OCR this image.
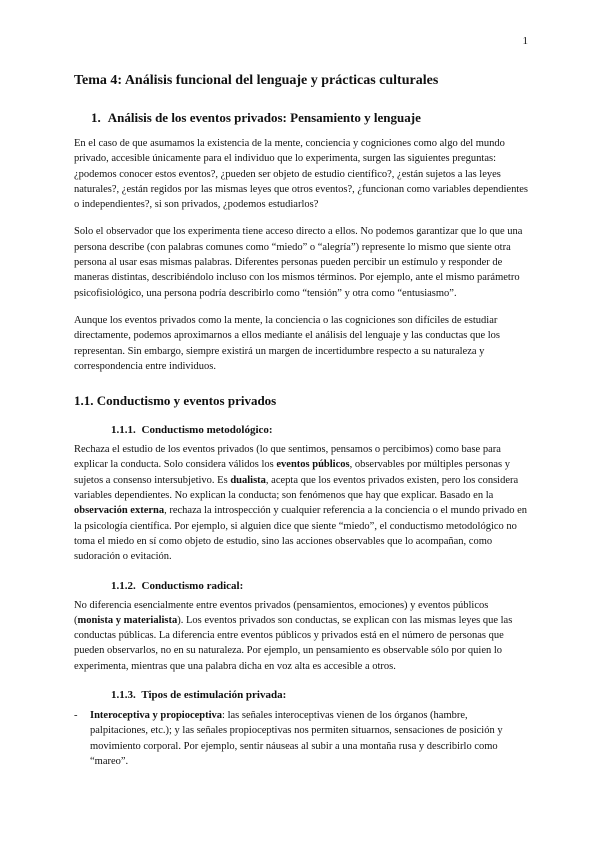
1
Tema 4: Análisis funcional del lenguaje y prácticas culturales
1. Análisis de los eventos privados: Pensamiento y lenguaje

En el caso de que asumamos la existencia de la mente, conciencia y cogniciones como algo del mundo privado, accesible únicamente para el individuo que lo experimenta, surgen las siguientes preguntas: ¿podemos conocer estos eventos?, ¿pueden ser objeto de estudio científico?, ¿están sujetos a las leyes naturales?, ¿están regidos por las mismas leyes que otros eventos?, ¿funcionan como variables dependientes o independientes?, si son privados, ¿podemos estudiarlos?

Solo el observador que los experimenta tiene acceso directo a ellos. No podemos garantizar que lo que una persona describe (con palabras comunes como “miedo” o “alegría”) represente lo mismo que siente otra persona al usar esas mismas palabras. Diferentes personas pueden percibir un estímulo y responder de maneras distintas, describiéndolo incluso con los mismos términos. Por ejemplo, ante el mismo parámetro psicofisiológico, una persona podría describirlo como “tensión” y otra como “entusiasmo”.

Aunque los eventos privados como la mente, la conciencia o las cogniciones son difíciles de estudiar directamente, podemos aproximarnos a ellos mediante el análisis del lenguaje y las conductas que los representan. Sin embargo, siempre existirá un margen de incertidumbre respecto a su naturaleza y correspondencia entre individuos.

1.1. Conductismo y eventos privados
1.1.1. Conductismo metodológico:

Rechaza el estudio de los eventos privados (lo que sentimos, pensamos o percibimos) como base para explicar la conducta. Solo considera válidos los eventos públicos, observables por múltiples personas y sujetos a consenso intersubjetivo. Es dualista, acepta que los eventos privados existen, pero los considera variables dependientes. No explican la conducta; son fenómenos que hay que explicar. Basado en la observación externa, rechaza la introspección y cualquier referencia a la conciencia o el mundo privado en la psicología científica. Por ejemplo, si alguien dice que siente “miedo”, el conductismo metodológico no toma el miedo en sí como objeto de estudio, sino las acciones observables que lo acompañan, como sudoración o evitación.

1.1.2. Conductismo radical:

No diferencia esencialmente entre eventos privados (pensamientos, emociones) y eventos públicos (monista y materialista). Los eventos privados son conductas, se explican con las mismas leyes que las conductas públicas. La diferencia entre eventos públicos y privados está en el número de personas que pueden observarlos, no en su naturaleza. Por ejemplo, un pensamiento es observable sólo por quien lo experimenta, mientras que una palabra dicha en voz alta es accesible a otros.

1.1.3. Tipos de estimulación privada:
- Interoceptiva y propioceptiva: las señales interoceptivas vienen de los órganos (hambre, palpitaciones, etc.); y las señales propioceptivas nos permiten situarnos, sensaciones de posición y movimiento corporal. Por ejemplo, sentir náuseas al subir a una montaña rusa y describirlo como “mareo”.
